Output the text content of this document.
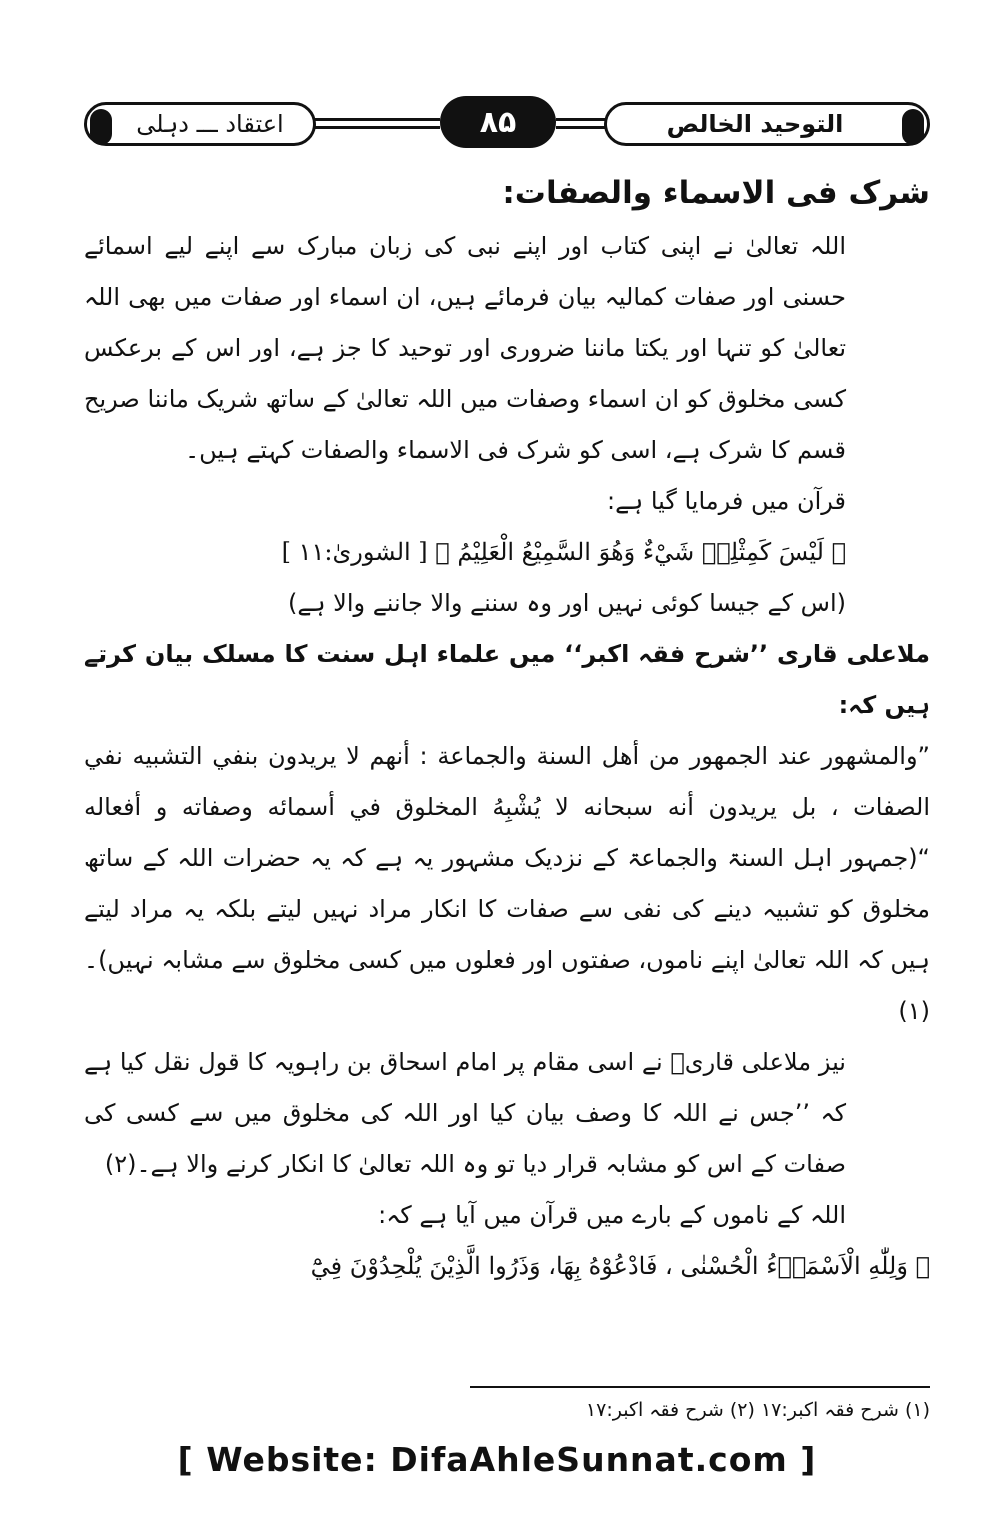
اعتقاد ـــ دہلی	۸۵	التوحید الخالص

شرک فی الاسماء والصفات:

اللہ تعالیٰ نے اپنی کتاب اور اپنے نبی کی زبان مبارک سے اپنے لیے اسمائے حسنی اور صفات کمالیہ بیان فرمائے ہیں، ان اسماء اور صفات میں بھی اللہ تعالیٰ کو تنہا اور یکتا ماننا ضروری اور توحید کا جز ہے، اور اس کے برعکس کسی مخلوق کو ان اسماء وصفات میں اللہ تعالیٰ کے ساتھ شریک ماننا صریح قسم کا شرک ہے، اسی کو شرک فی الاسماء والصفات کہتے ہیں۔

قرآن میں فرمایا گیا ہے:

﴿ لَيْسَ كَمِثْلِهٖ شَيْءٌ وَهُوَ السَّمِيْعُ الْعَلِيْمُ ﴾ [ الشوریٰ:۱۱ ]

(اس کے جیسا کوئی نہیں اور وہ سننے والا جاننے والا ہے)

ملاعلی قاری ’’شرح فقہ اکبر‘‘ میں علماء اہل سنت کا مسلک بیان کرتے ہیں کہ:

”والمشهور عند الجمهور من أهل السنة والجماعة : أنهم لا يريدون بنفي التشبيه نفي الصفات ، بل يريدون أنه سبحانه لا يُشْبِهُ المخلوق في أسمائه وصفاته و أفعاله “(جمہور اہل السنۃ والجماعۃ کے نزدیک مشہور یہ ہے کہ یہ حضرات اللہ کے ساتھ مخلوق کو تشبیہ دینے کی نفی سے صفات کا انکار مراد نہیں لیتے بلکہ یہ مراد لیتے ہیں کہ اللہ تعالیٰ اپنے ناموں، صفتوں اور فعلوں میں کسی مخلوق سے مشابہ نہیں)۔(۱)

نیز ملاعلی قاریؒ نے اسی مقام پر امام اسحاق بن راہویہ کا قول نقل کیا ہے کہ ’’جس نے اللہ کا وصف بیان کیا اور اللہ کی مخلوق میں سے کسی کی صفات کے اس کو مشابہ قرار دیا تو وہ اللہ تعالیٰ کا انکار کرنے والا ہے۔(۲)

اللہ کے ناموں کے بارے میں قرآن میں آیا ہے کہ:

﴿ وَلِلّٰهِ الْاَسْمَاۗءُ الْحُسْنٰى ، فَادْعُوْهُ بِهَا، وَذَرُوا الَّذِيْنَ يُلْحِدُوْنَ فِيْٓ

(۱) شرح فقہ اکبر:۱۷ (۲) شرح فقہ اکبر:۱۷
[ Website: DifaAhleSunnat.com ]
